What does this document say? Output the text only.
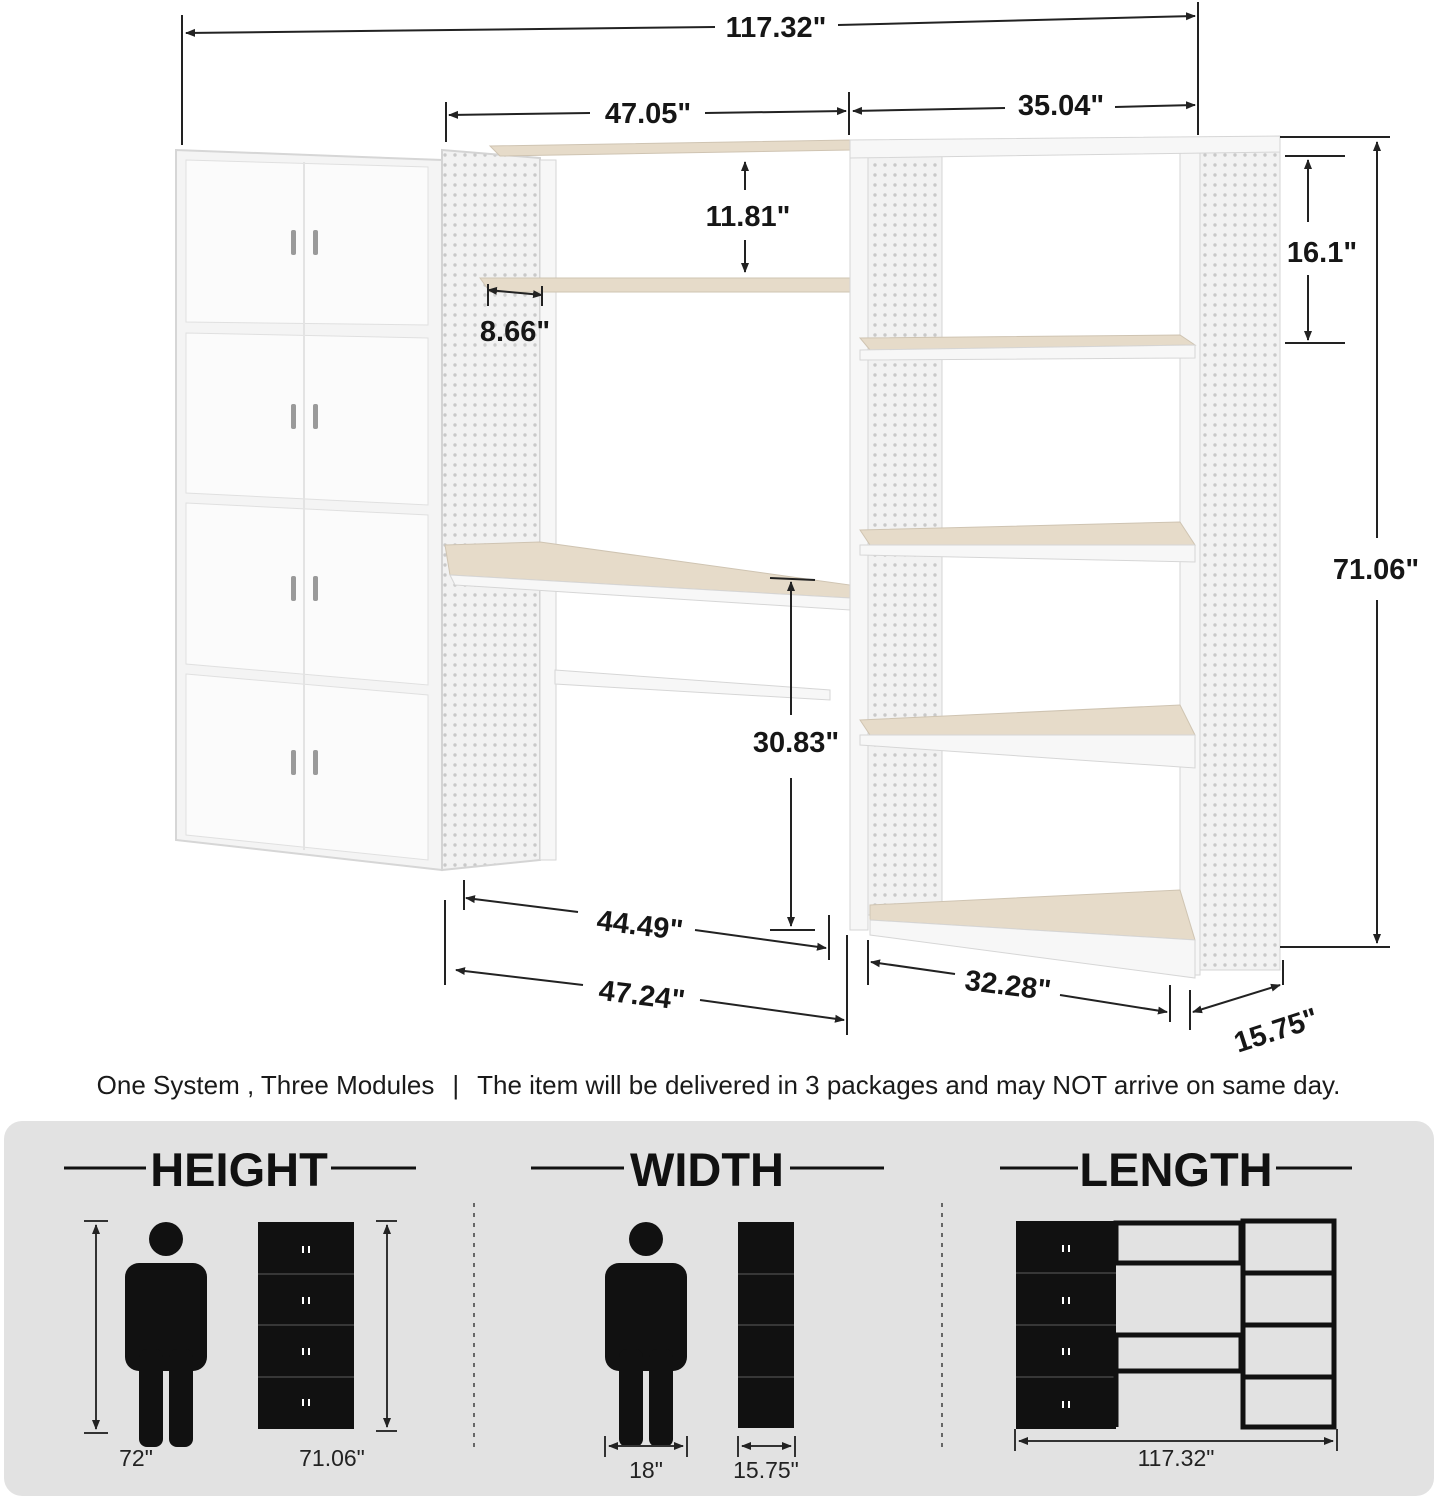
117.32"
47.05"	35.04"
11.81"
8.66"
16.1"
71.06"
30.83"
44.49"
47.24"	32.28"
15.75"
One System , Three Modules | The item will be delivered in 3 packages and may NOT arrive on same day.
HEIGHT
72"	71.06"
WIDTH
18"	15.75"
LENGTH
117.32"
